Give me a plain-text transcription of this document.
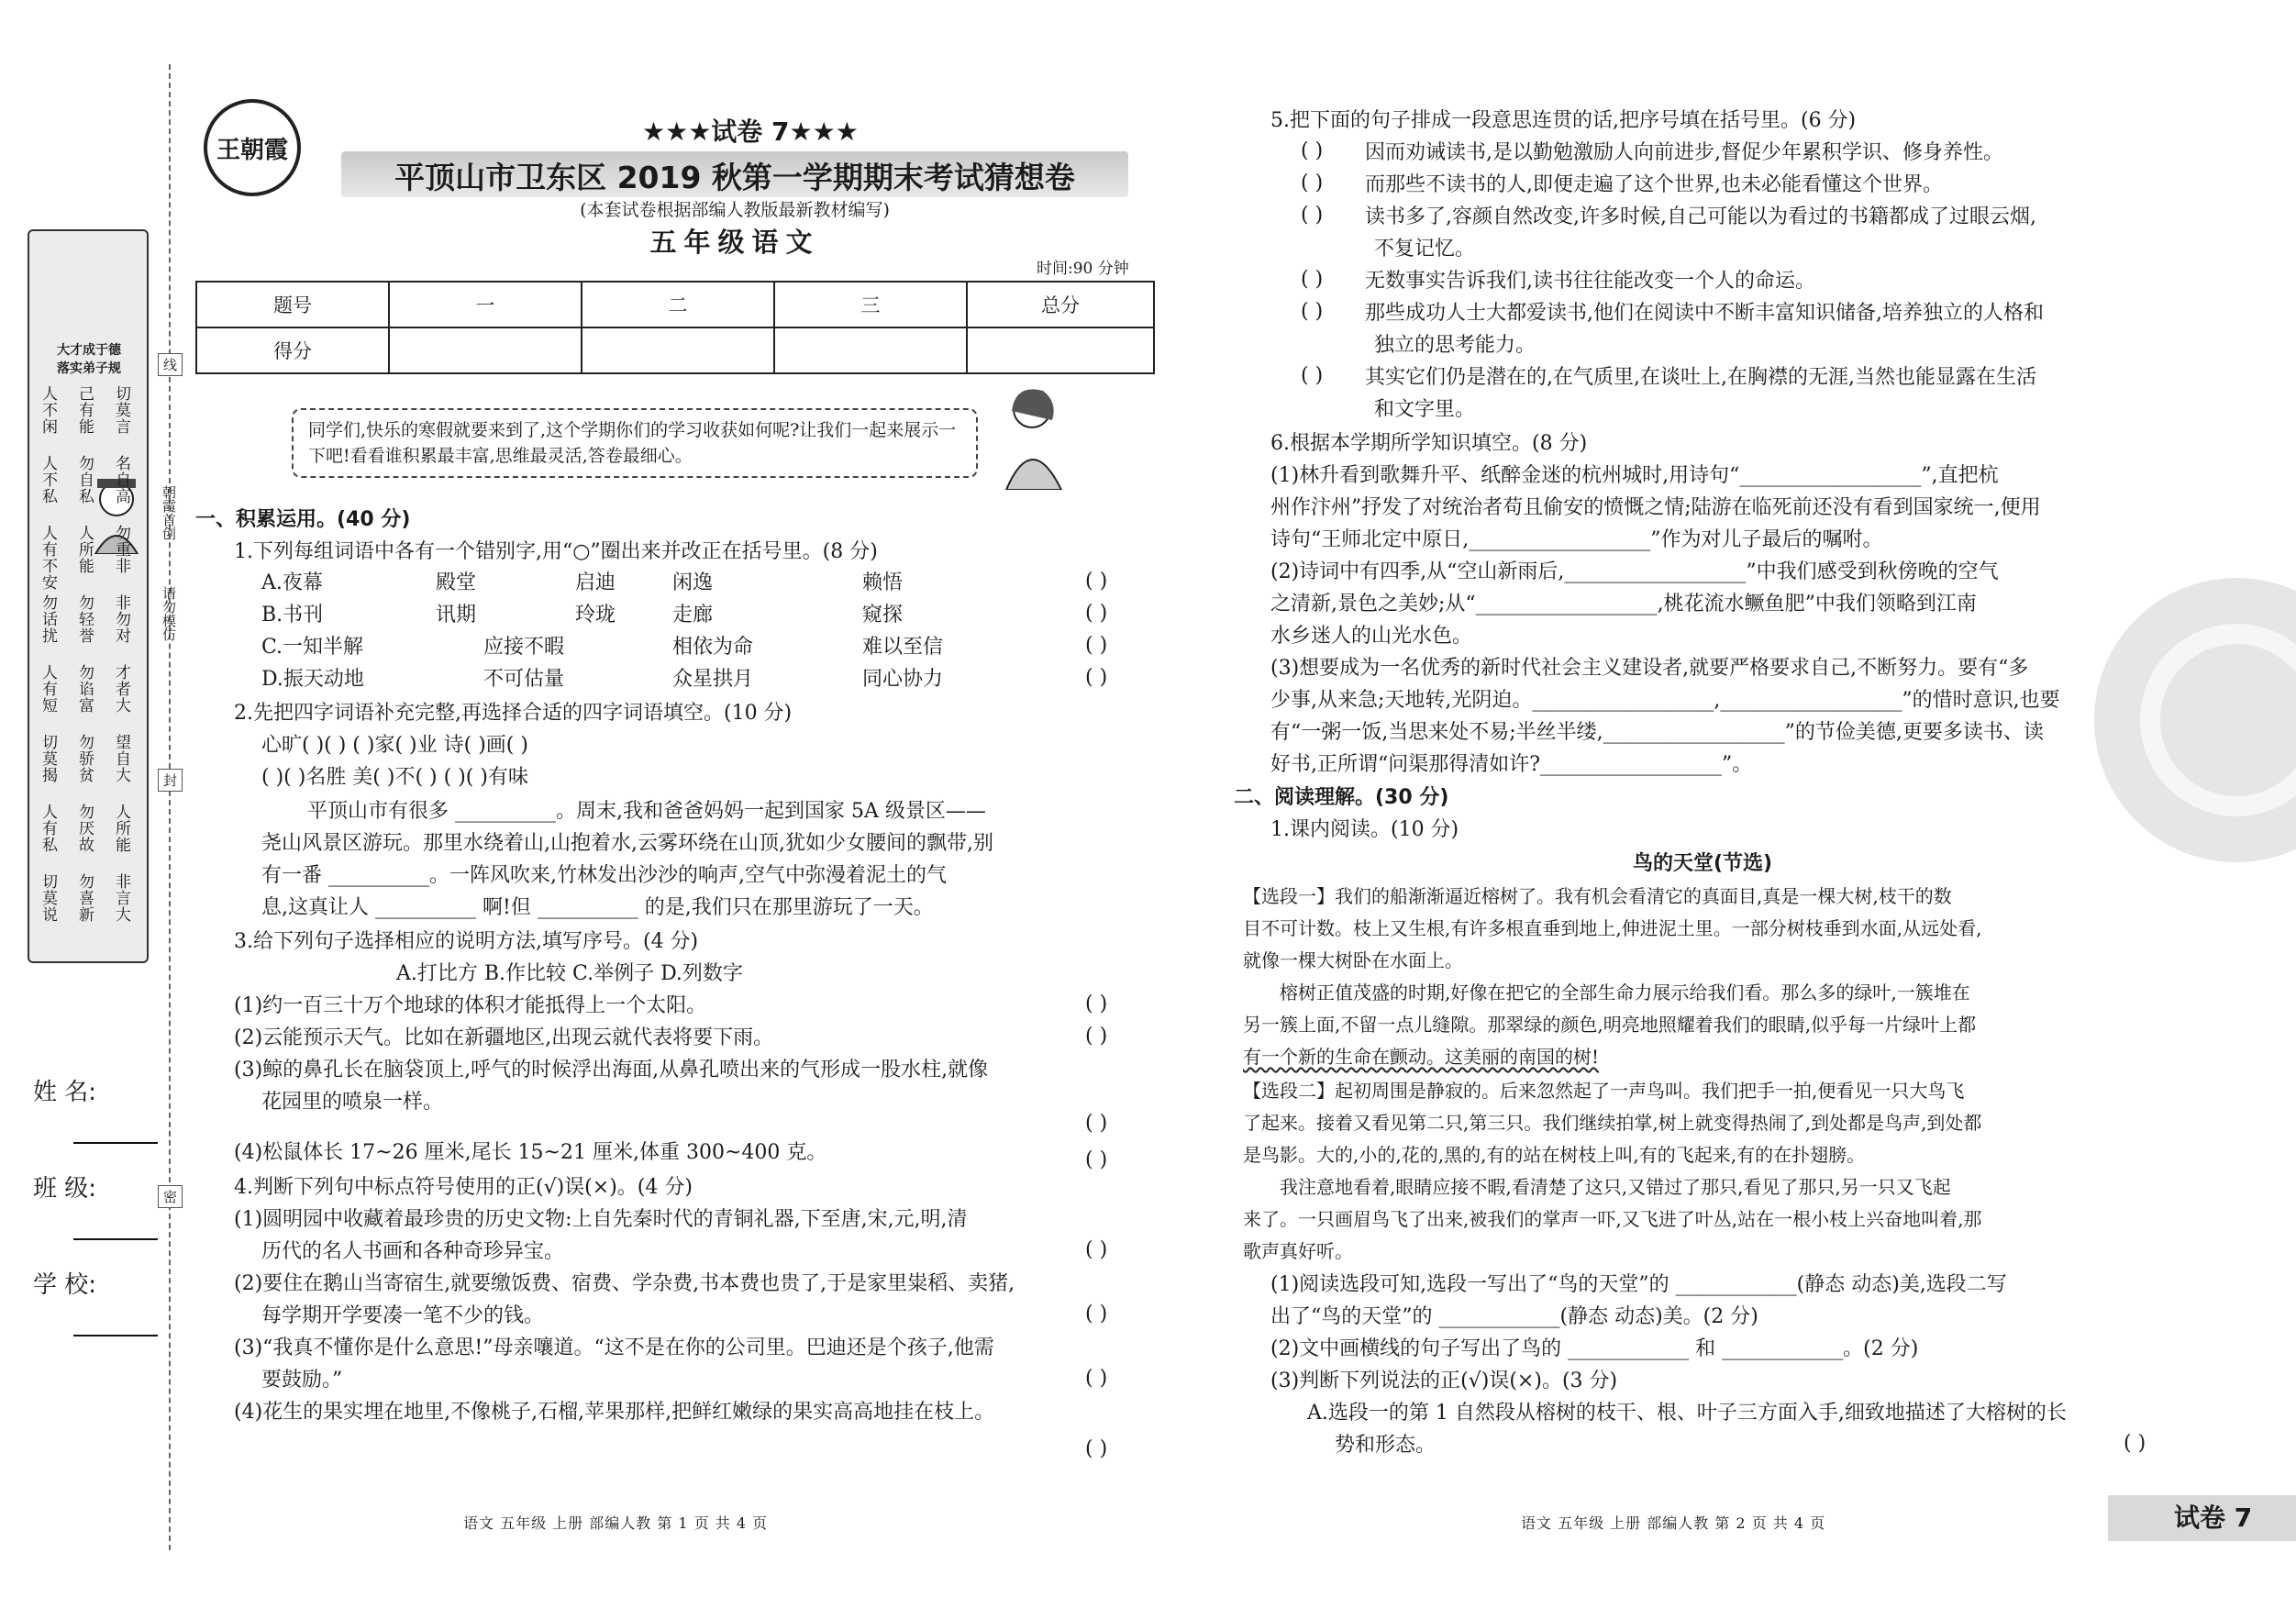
大才成于德
落实弟子规
人不闲 己有能 切莫言
人不私 勿自私 名自高
人有不安 人所能 勿重非
勿话扰 勿轻誉 非勿对
人有短 勿谄富 才者大
切莫揭 勿骄贫 望自大
人有私 勿厌故 人所能
切莫说 勿喜新 非言大
姓 名:
班 级:
学 校:
线
朝霞首创
请勿模仿
封
密
王朝霞
★★★试卷 7★★★
平顶山市卫东区 2019 秋第一学期期末考试猜想卷
(本套试卷根据部编人教版最新教材编写)
五年级语文
时间:90 分钟
题号	一	二	三	总分
得分				
同学们,快乐的寒假就要来到了,这个学期你们的学习收获如何呢?让我们一起来展示一下吧!看看谁积累最丰富,思维最灵活,答卷最细心。
一、积累运用。(40 分)
1.下列每组词语中各有一个错别字,用“○”圈出来并改正在括号里。(8 分)
A.夜幕	殿堂	启迪	闲逸	赖悟	( )
B.书刊	讯期	玲珑	走廊	窥探	( )
C.一知半解	应接不暇	相依为命	难以至信	( )
D.振天动地	不可估量	众星拱月	同心协力	( )
2.先把四字词语补充完整,再选择合适的四字词语填空。(10 分)
心旷( )( ) ( )家( )业 诗( )画( )
( )( )名胜 美( )不( ) ( )( )有味
平顶山市有很多 __________。周末,我和爸爸妈妈一起到国家 5A 级景区——
尧山风景区游玩。那里水绕着山,山抱着水,云雾环绕在山顶,犹如少女腰间的飘带,别
有一番 __________。一阵风吹来,竹林发出沙沙的响声,空气中弥漫着泥土的气
息,这真让人 __________ 啊!但 __________ 的是,我们只在那里游玩了一天。
3.给下列句子选择相应的说明方法,填写序号。(4 分)
A.打比方 B.作比较 C.举例子 D.列数字
(1)约一百三十万个地球的体积才能抵得上一个太阳。	( )
(2)云能预示天气。比如在新疆地区,出现云就代表将要下雨。	( )
(3)鲸的鼻孔长在脑袋顶上,呼气的时候浮出海面,从鼻孔喷出来的气形成一股水柱,就像
花园里的喷泉一样。
( )
(4)松鼠体长 17~26 厘米,尾长 15~21 厘米,体重 300~400 克。	( )
4.判断下列句中标点符号使用的正(√)误(×)。(4 分)
(1)圆明园中收藏着最珍贵的历史文物:上自先秦时代的青铜礼器,下至唐,宋,元,明,清
历代的名人书画和各种奇珍异宝。	( )
(2)要住在鹅山当寄宿生,就要缴饭费、宿费、学杂费,书本费也贵了,于是家里粜稻、卖猪,
每学期开学要凑一笔不少的钱。	( )
(3)“我真不懂你是什么意思!”母亲嚷道。“这不是在你的公司里。巴迪还是个孩子,他需
要鼓励。”	( )
(4)花生的果实埋在地里,不像桃子,石榴,苹果那样,把鲜红嫩绿的果实高高地挂在枝上。
( )
语文 五年级 上册 部编人教 第 1 页 共 4 页
5.把下面的句子排成一段意思连贯的话,把序号填在括号里。(6 分)
( ) 因而劝诫读书,是以勤勉激励人向前进步,督促少年累积学识、修身养性。
( ) 而那些不读书的人,即便走遍了这个世界,也未必能看懂这个世界。
( ) 读书多了,容颜自然改变,许多时候,自己可能以为看过的书籍都成了过眼云烟,
不复记忆。
( ) 无数事实告诉我们,读书往往能改变一个人的命运。
( ) 那些成功人士大都爱读书,他们在阅读中不断丰富知识储备,培养独立的人格和
独立的思考能力。
( ) 其实它们仍是潜在的,在气质里,在谈吐上,在胸襟的无涯,当然也能显露在生活
和文字里。
6.根据本学期所学知识填空。(8 分)
(1)林升看到歌舞升平、纸醉金迷的杭州城时,用诗句“__________________”,直把杭
州作汴州”抒发了对统治者苟且偷安的愤慨之情;陆游在临死前还没有看到国家统一,便用
诗句“王师北定中原日,__________________”作为对儿子最后的嘱咐。
(2)诗词中有四季,从“空山新雨后,__________________”中我们感受到秋傍晚的空气
之清新,景色之美妙;从“__________________,桃花流水鳜鱼肥”中我们领略到江南
水乡迷人的山光水色。
(3)想要成为一名优秀的新时代社会主义建设者,就要严格要求自己,不断努力。要有“多
少事,从来急;天地转,光阴迫。__________________,__________________”的惜时意识,也要
有“一粥一饭,当思来处不易;半丝半缕,__________________”的节俭美德,更要多读书、读
好书,正所谓“问渠那得清如许?__________________”。
二、阅读理解。(30 分)
1.课内阅读。(10 分)
鸟的天堂(节选)
【选段一】我们的船渐渐逼近榕树了。我有机会看清它的真面目,真是一棵大树,枝干的数
目不可计数。枝上又生根,有许多根直垂到地上,伸进泥土里。一部分树枝垂到水面,从远处看,
就像一棵大树卧在水面上。
榕树正值茂盛的时期,好像在把它的全部生命力展示给我们看。那么多的绿叶,一簇堆在
另一簇上面,不留一点儿缝隙。那翠绿的颜色,明亮地照耀着我们的眼睛,似乎每一片绿叶上都
有一个新的生命在颤动。这美丽的南国的树!
【选段二】起初周围是静寂的。后来忽然起了一声鸟叫。我们把手一拍,便看见一只大鸟飞
了起来。接着又看见第二只,第三只。我们继续拍掌,树上就变得热闹了,到处都是鸟声,到处都
是鸟影。大的,小的,花的,黑的,有的站在树枝上叫,有的飞起来,有的在扑翅膀。
我注意地看着,眼睛应接不暇,看清楚了这只,又错过了那只,看见了那只,另一只又飞起
来了。一只画眉鸟飞了出来,被我们的掌声一吓,又飞进了叶丛,站在一根小枝上兴奋地叫着,那
歌声真好听。
(1)阅读选段可知,选段一写出了“鸟的天堂”的 ____________(静态 动态)美,选段二写
出了“鸟的天堂”的 ____________(静态 动态)美。(2 分)
(2)文中画横线的句子写出了鸟的 ____________ 和 ____________。(2 分)
(3)判断下列说法的正(√)误(×)。(3 分)
A.选段一的第 1 自然段从榕树的枝干、根、叶子三方面入手,细致地描述了大榕树的长
势和形态。	( )
语文 五年级 上册 部编人教 第 2 页 共 4 页	试卷 7
